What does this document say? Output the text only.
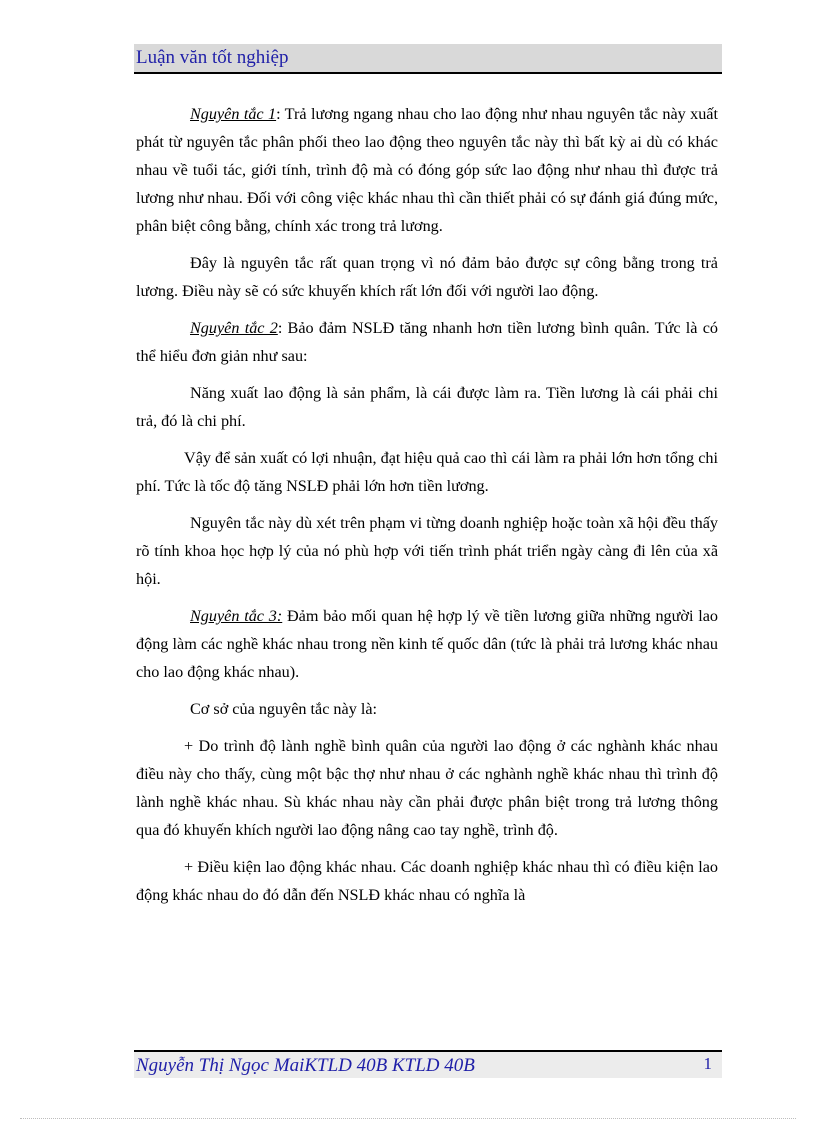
Luận văn tốt nghiệp

Nguyên tắc 1: Trả lương ngang nhau cho lao động như nhau nguyên tắc này xuất phát từ nguyên tắc phân phối theo lao động theo nguyên tắc này thì bất kỳ ai dù có khác nhau về tuổi tác, giới tính, trình độ mà có đóng góp sức lao động như nhau thì được trả lương như nhau. Đối với công việc khác nhau thì cần thiết phải có sự đánh giá đúng mức, phân biệt công bằng, chính xác trong trả lương.

Đây là nguyên tắc rất quan trọng vì nó đảm bảo được sự công bằng trong trả lương. Điều này sẽ có sức khuyến khích rất lớn đối với người lao động.

Nguyên tắc 2: Bảo đảm NSLĐ tăng nhanh hơn tiền lương bình quân. Tức là có thể hiểu đơn giản như sau:

Năng xuất lao động là sản phẩm, là cái được làm ra. Tiền lương là cái phải chi trả, đó là chi phí.

Vậy để sản xuất có lợi nhuận, đạt hiệu quả cao thì cái làm ra phải lớn hơn tổng chi phí. Tức là tốc độ tăng NSLĐ phải lớn hơn tiền lương.

Nguyên tắc này dù xét trên phạm vi từng doanh nghiệp hoặc toàn xã hội đều thấy rõ tính khoa học hợp lý của nó phù hợp với tiến trình phát triển ngày càng đi lên của xã hội.

Nguyên tắc 3: Đảm bảo mối quan hệ hợp lý về tiền lương giữa những người lao động làm các nghề khác nhau trong nền kinh tế quốc dân (tức là phải trả lương khác nhau cho lao động khác nhau).

Cơ sở của nguyên tắc này là:

+ Do trình độ lành nghề bình quân của người lao động ở các nghành khác nhau điều này cho thấy, cùng một bậc thợ như nhau ở các nghành nghề khác nhau thì trình độ lành nghề khác nhau. Sù khác nhau này cần phải được phân biệt trong trả lương thông qua đó khuyến khích người lao động nâng cao tay nghề, trình độ.

+ Điều kiện lao động khác nhau. Các doanh nghiệp khác nhau thì có điều kiện lao động khác nhau do đó dẫn đến NSLĐ khác nhau có nghĩa là

Nguyễn Thị Ngọc MaiKTLD 40B KTLD 40B	1
